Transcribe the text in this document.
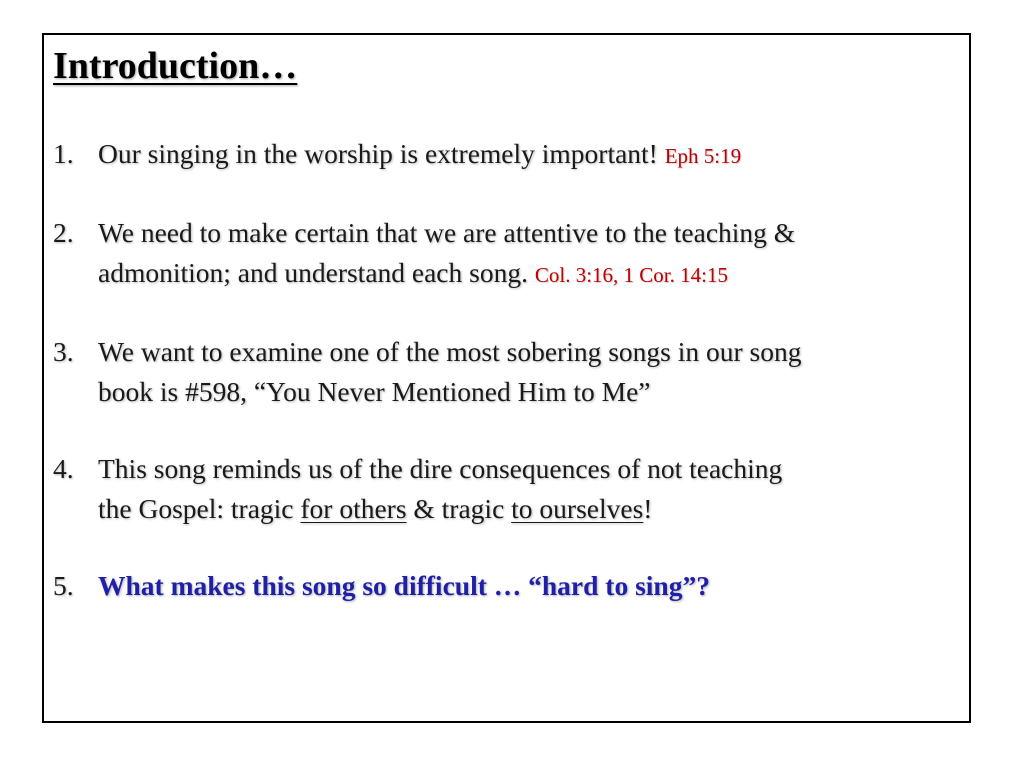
Introduction…
1. Our singing in the worship is extremely important! Eph 5:19
2. We need to make certain that we are attentive to the teaching &
admonition; and understand each song. Col. 3:16, 1 Cor. 14:15
3. We want to examine one of the most sobering songs in our song
book is #598, “You Never Mentioned Him to Me”
4. This song reminds us of the dire consequences of not teaching
the Gospel: tragic for others & tragic to ourselves!
5. What makes this song so difficult … “hard to sing”?
